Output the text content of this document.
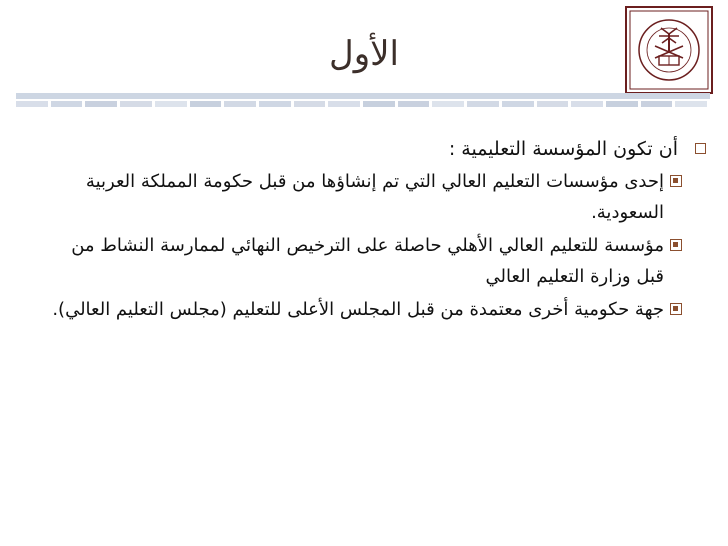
الأول
أن تكون المؤسسة التعليمية :
إحدى مؤسسات التعليم العالي التي تم إنشاؤها من قبل حكومة المملكة العربية السعودية.
مؤسسة للتعليم العالي الأهلي حاصلة على الترخيص النهائي لممارسة النشاط من قبل وزارة التعليم العالي
جهة حكومية أخرى معتمدة من قبل المجلس الأعلى للتعليم (مجلس التعليم العالي).
